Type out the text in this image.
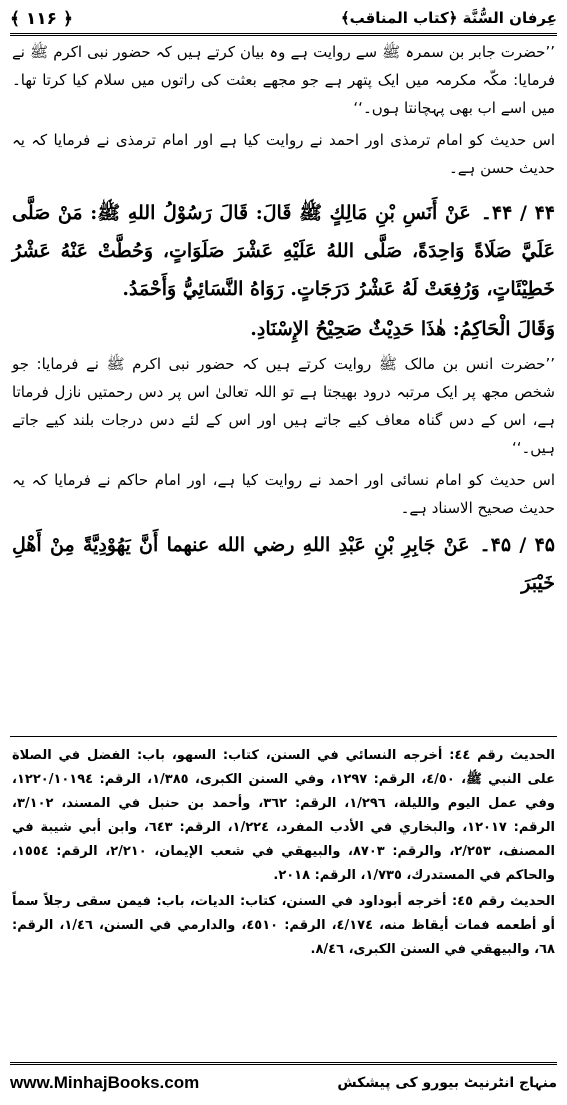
﴿ ۱۱۶ ﴾	عِرفان السُّنَّة ﴿کتاب المناقب﴾

’’حضرت جابر بن سمرہ ﷺ سے روایت ہے وہ بیان کرتے ہیں کہ حضور نبی اکرم ﷺ نے فرمایا: مکّہ مکرمہ میں ایک پتھر ہے جو مجھے بعثت کی راتوں میں سلام کیا کرتا تھا۔ میں اسے اب بھی پہچانتا ہوں۔‘‘

اس حدیث کو امام ترمذی اور احمد نے روایت کیا ہے اور امام ترمذی نے فرمایا کہ یہ حدیث حسن ہے۔

۴۴ / ۴۴۔عَنْ أَنَسِ بْنِ مَالِكٍ ﷺ قَالَ: قَالَ رَسُوْلُ اللهِ ﷺ: مَنْ صَلَّى عَلَيَّ صَلَاةً وَاحِدَةً، صَلَّى اللهُ عَلَيْهِ عَشْرَ صَلَوَاتٍ، وَحُطَّتْ عَنْهُ عَشْرُ خَطِيْئَاتٍ، وَرُفِعَتْ لَهُ عَشْرُ دَرَجَاتٍ. رَوَاهُ النَّسَائِيُّ وَأَحْمَدُ.

وَقَالَ الْحَاكِمُ: هٰذَا حَدِيْثٌ صَحِيْحُ الإِسْنَادِ.

’’حضرت انس بن مالک ﷺ روایت کرتے ہیں کہ حضور نبی اکرم ﷺ نے فرمایا: جو شخص مجھ پر ایک مرتبہ درود بھیجتا ہے تو اللہ تعالیٰ اس پر دس رحمتیں نازل فرماتا ہے، اس کے دس گناہ معاف کیے جاتے ہیں اور اس کے لئے دس درجات بلند کیے جاتے ہیں۔‘‘

اس حدیث کو امام نسائی اور احمد نے روایت کیا ہے، اور امام حاکم نے فرمایا کہ یہ حدیث صحیح الاسناد ہے۔

۴۵ / ۴۵۔عَنْ جَابِرِ بْنِ عَبْدِ اللهِ رضي الله عنهما أَنَّ يَهُوْدِيَّةً مِنْ أَهْلِ خَيْبَرَ

الحديث رقم ٤٤: أخرجه النسائي في السنن، كتاب: السهو، باب: الفضل في الصلاة على النبي ﷺ، ٤/٥٠، الرقم: ١٢٩٧، وفي السنن الكبرى، ١/٣٨٥، الرقم: ١٢٢٠/١٠١٩٤، وفي عمل اليوم والليلة، ١/٢٩٦، الرقم: ٣٦٢، وأحمد بن حنبل في المسند، ٣/١٠٢، الرقم: ١٢٠١٧، والبخاري في الأدب المفرد، ١/٢٢٤، الرقم: ٦٤٣، وابن أبي شيبة في المصنف، ٢/٢٥٣، والرقم: ٨٧٠٣، والبيهقي في شعب الإيمان، ٢/٢١٠، الرقم: ١٥٥٤، والحاكم في المستدرك، ١/٧٣٥، الرقم: ٢٠١٨.

الحديث رقم ٤٥: أخرجه أبوداود في السنن، كتاب: الديات، باب: فيمن سقى رجلاً سماً أو أطعمه فمات أيقاظ منه، ٤/١٧٤، الرقم: ٤٥١٠، والدارمي في السنن، ١/٤٦، الرقم: ٦٨، والبيهقي في السنن الكبرى، ٨/٤٦.

www.MinhajBooks.com	منہاج انٹرنیٹ بیورو کی پیشکش
